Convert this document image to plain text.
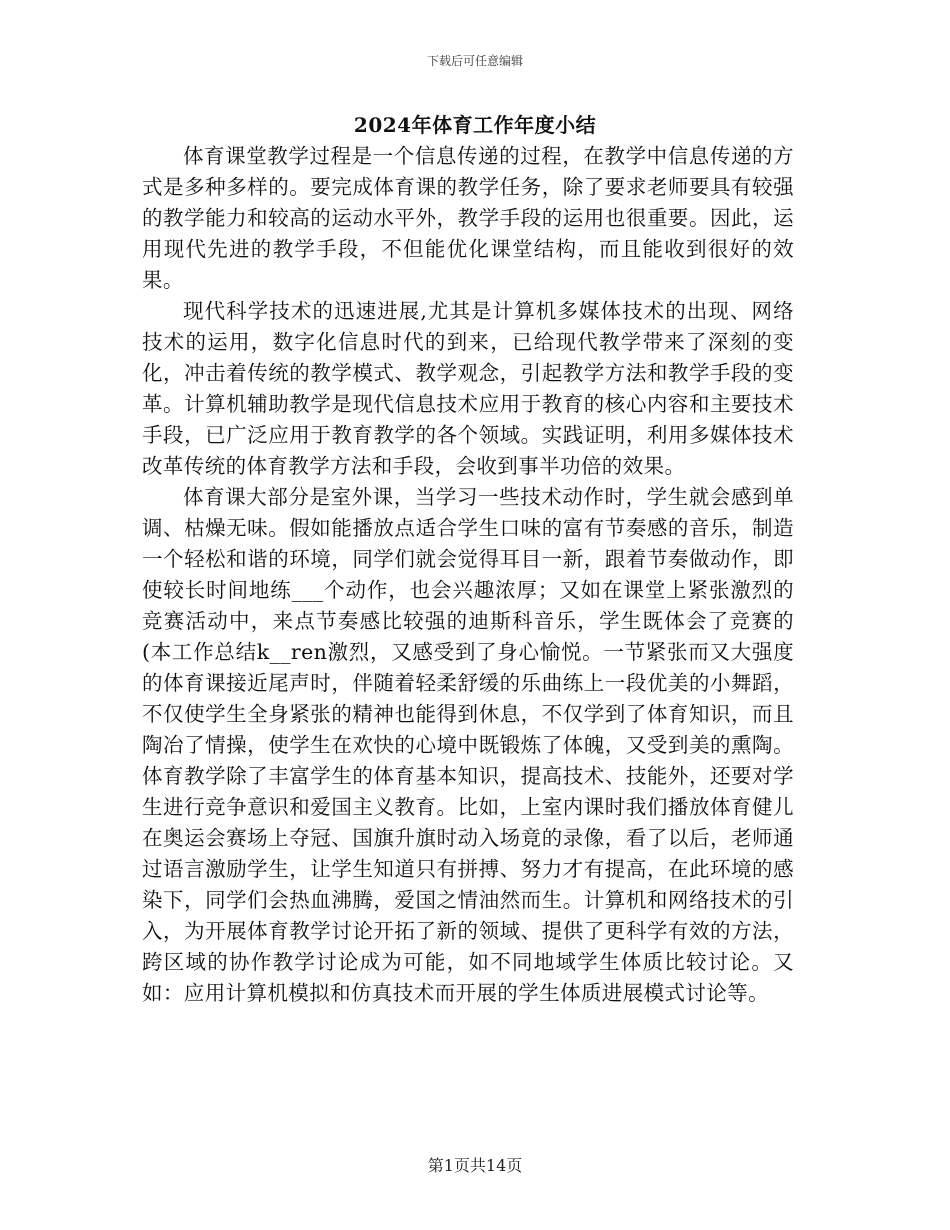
下载后可任意编辑
2024年体育工作年度小结

体育课堂教学过程是一个信息传递的过程，在教学中信息传递的方式是多种多样的。要完成体育课的教学任务，除了要求老师要具有较强的教学能力和较高的运动水平外，教学手段的运用也很重要。因此，运用现代先进的教学手段，不但能优化课堂结构，而且能收到很好的效果。

现代科学技术的迅速进展,尤其是计算机多媒体技术的出现、网络技术的运用，数字化信息时代的到来，已给现代教学带来了深刻的变化，冲击着传统的教学模式、教学观念，引起教学方法和教学手段的变革。计算机辅助教学是现代信息技术应用于教育的核心内容和主要技术手段，已广泛应用于教育教学的各个领域。实践证明，利用多媒体技术改革传统的体育教学方法和手段，会收到事半功倍的效果。

体育课大部分是室外课，当学习一些技术动作时，学生就会感到单调、枯燥无味。假如能播放点适合学生口味的富有节奏感的音乐，制造一个轻松和谐的环境，同学们就会觉得耳目一新，跟着节奏做动作，即使较长时间地练___个动作，也会兴趣浓厚；又如在课堂上紧张激烈的竞赛活动中，来点节奏感比较强的迪斯科音乐，学生既体会了竞赛的(本工作总结k__ren激烈，又感受到了身心愉悦。一节紧张而又大强度的体育课接近尾声时，伴随着轻柔舒缓的乐曲练上一段优美的小舞蹈，不仅使学生全身紧张的精神也能得到休息，不仅学到了体育知识，而且陶冶了情操，使学生在欢快的心境中既锻炼了体魄，又受到美的熏陶。体育教学除了丰富学生的体育基本知识，提高技术、技能外，还要对学生进行竞争意识和爱国主义教育。比如，上室内课时我们播放体育健儿在奥运会赛场上夺冠、国旗升旗时动入场竟的录像，看了以后，老师通过语言激励学生，让学生知道只有拼搏、努力才有提高，在此环境的感染下，同学们会热血沸腾，爱国之情油然而生。计算机和网络技术的引入，为开展体育教学讨论开拓了新的领域、提供了更科学有效的方法，跨区域的协作教学讨论成为可能，如不同地域学生体质比较讨论。又如：应用计算机模拟和仿真技术而开展的学生体质进展模式讨论等。

第1页共14页
